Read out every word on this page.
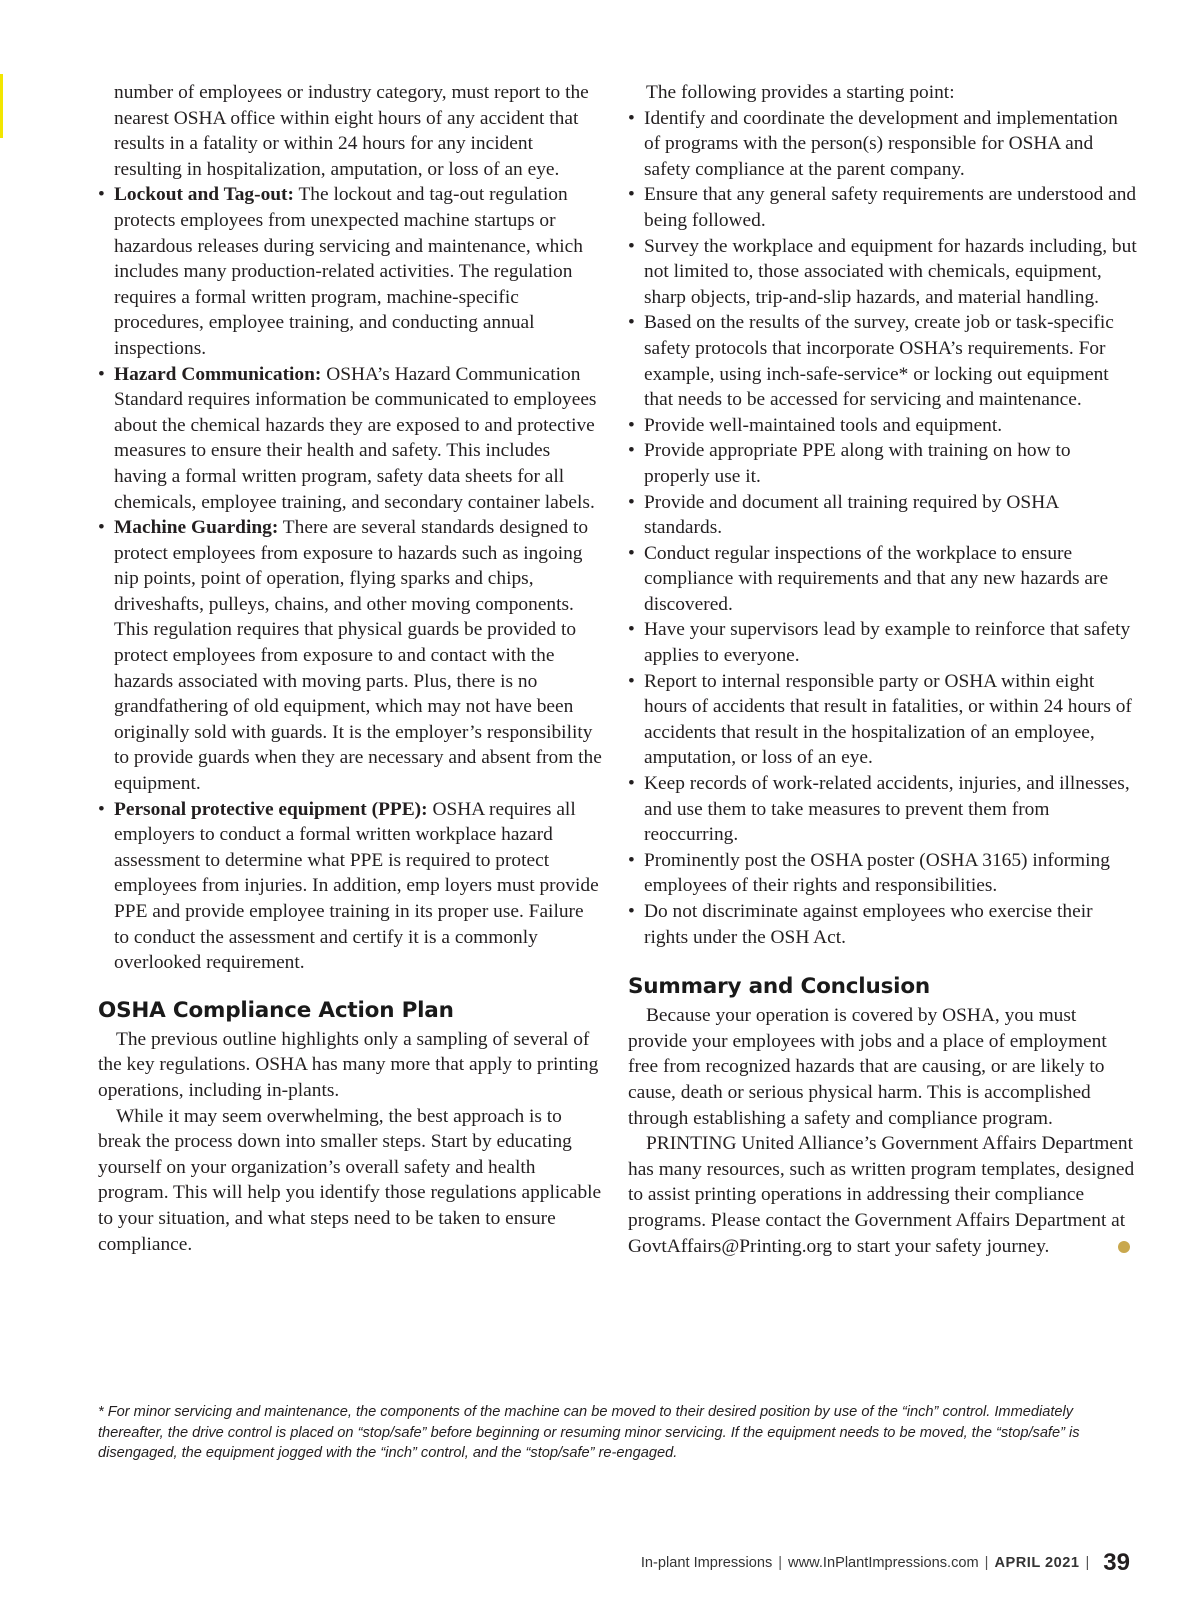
number of employees or industry category, must report to the nearest OSHA office within eight hours of any accident that results in a fatality or within 24 hours for any incident resulting in hospitalization, amputation, or loss of an eye.

• Lockout and Tag-out: The lockout and tag-out regulation protects employees from unexpected machine startups or hazardous releases during servicing and maintenance, which includes many production-related activities. The regulation requires a formal written program, machine-specific procedures, employee training, and conducting annual inspections.
• Hazard Communication: OSHA’s Hazard Communication Standard requires information be communicated to employees about the chemical hazards they are exposed to and protective measures to ensure their health and safety. This includes having a formal written program, safety data sheets for all chemicals, employee training, and secondary container labels.
• Machine Guarding: There are several standards designed to protect employees from exposure to hazards such as ingoing nip points, point of operation, flying sparks and chips, driveshafts, pulleys, chains, and other moving components. This regulation requires that physical guards be provided to protect employees from exposure to and contact with the hazards associated with moving parts. Plus, there is no grandfathering of old equipment, which may not have been originally sold with guards. It is the employer’s responsibility to provide guards when they are necessary and absent from the equipment.
• Personal protective equipment (PPE): OSHA requires all employers to conduct a formal written workplace hazard assessment to determine what PPE is required to protect employees from injuries. In addition, emp loyers must provide PPE and provide employee training in its proper use. Failure to conduct the assessment and certify it is a commonly overlooked requirement.
OSHA Compliance Action Plan

The previous outline highlights only a sampling of several of the key regulations. OSHA has many more that apply to printing operations, including in-plants.

While it may seem overwhelming, the best approach is to break the process down into smaller steps. Start by educating yourself on your organization’s overall safety and health program. This will help you identify those regulations applicable to your situation, and what steps need to be taken to ensure compliance.

The following provides a starting point:

• Identify and coordinate the development and implementation of programs with the person(s) responsible for OSHA and safety compliance at the parent company.
• Ensure that any general safety requirements are understood and being followed.
• Survey the workplace and equipment for hazards including, but not limited to, those associated with chemicals, equipment, sharp objects, trip-and-slip hazards, and material handling.
• Based on the results of the survey, create job or task-specific safety protocols that incorporate OSHA’s requirements. For example, using inch-safe-service* or locking out equipment that needs to be accessed for servicing and maintenance.
• Provide well-maintained tools and equipment.
• Provide appropriate PPE along with training on how to properly use it.
• Provide and document all training required by OSHA standards.
• Conduct regular inspections of the workplace to ensure compliance with requirements and that any new hazards are discovered.
• Have your supervisors lead by example to reinforce that safety applies to everyone.
• Report to internal responsible party or OSHA within eight hours of accidents that result in fatalities, or within 24 hours of accidents that result in the hospitalization of an employee, amputation, or loss of an eye.
• Keep records of work-related accidents, injuries, and illnesses, and use them to take measures to prevent them from reoccurring.
• Prominently post the OSHA poster (OSHA 3165) informing employees of their rights and responsibilities.
• Do not discriminate against employees who exercise their rights under the OSH Act.
Summary and Conclusion

Because your operation is covered by OSHA, you must provide your employees with jobs and a place of employment free from recognized hazards that are causing, or are likely to cause, death or serious physical harm. This is accomplished through establishing a safety and compliance program.

PRINTING United Alliance’s Government Affairs Department has many resources, such as written program templates, designed to assist printing operations in addressing their compliance programs. Please contact the Government Affairs Department at GovtAffairs@Printing.org to start your safety journey.

* For minor servicing and maintenance, the components of the machine can be moved to their desired position by use of the “inch” control. Immediately thereafter, the drive control is placed on “stop/safe” before beginning or resuming minor servicing. If the equipment needs to be moved, the “stop/safe” is disengaged, the equipment jogged with the “inch” control, and the “stop/safe” re-engaged.

In-plant Impressions | www.InPlantImpressions.com | APRIL 2021 | 39
